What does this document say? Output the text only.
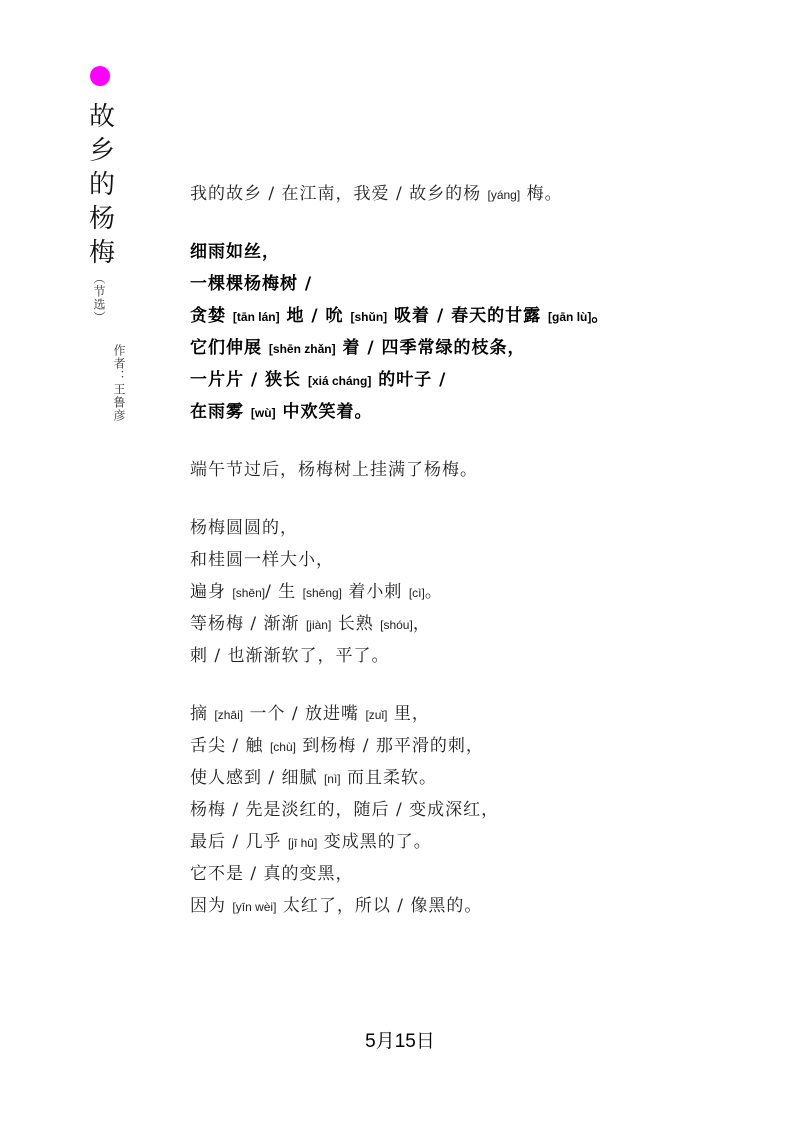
故
乡
的
杨
梅
（节选）
作者：王鲁彦
我的故乡 / 在江南，我爱 / 故乡的杨 [yáng] 梅。
细雨如丝，
一棵棵杨梅树 /
贪婪 [tān lán] 地 / 吮 [shǔn] 吸着 / 春天的甘露 [gān lù]。
它们伸展 [shēn zhǎn] 着 / 四季常绿的枝条，
一片片 / 狭长 [xiá cháng] 的叶子 /
在雨雾 [wù] 中欢笑着。
端午节过后，杨梅树上挂满了杨梅。
杨梅圆圆的，
和桂圆一样大小，
遍身 [shēn]/ 生 [shēng] 着小刺 [cì]。
等杨梅 / 渐渐 [jiàn] 长熟 [shóu]，
刺 / 也渐渐软了，平了。
摘 [zhāi] 一个 / 放进嘴 [zuǐ] 里，
舌尖 / 触 [chù] 到杨梅 / 那平滑的刺，
使人感到 / 细腻 [nì] 而且柔软。
杨梅 / 先是淡红的，随后 / 变成深红，
最后 / 几乎 [jī hū] 变成黑的了。
它不是 / 真的变黑，
因为 [yīn wèi] 太红了，所以 / 像黑的。
5月15日
